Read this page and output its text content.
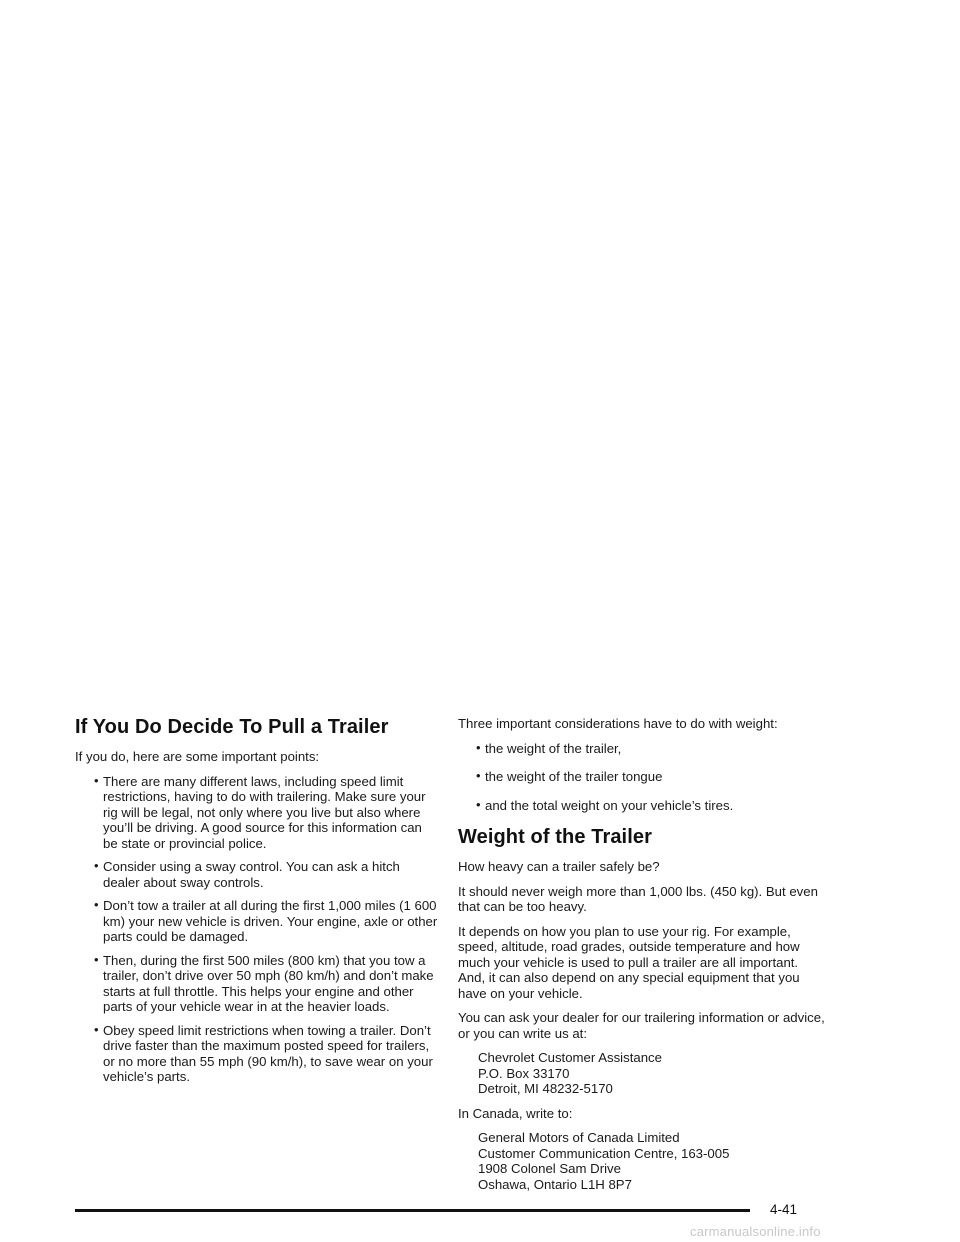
If You Do Decide To Pull a Trailer

If you do, here are some important points:

• There are many different laws, including speed limit restrictions, having to do with trailering. Make sure your rig will be legal, not only where you live but also where you’ll be driving. A good source for this information can be state or provincial police.
• Consider using a sway control. You can ask a hitch dealer about sway controls.
• Don’t tow a trailer at all during the first 1,000 miles (1 600 km) your new vehicle is driven. Your engine, axle or other parts could be damaged.
• Then, during the first 500 miles (800 km) that you tow a trailer, don’t drive over 50 mph (80 km/h) and don’t make starts at full throttle. This helps your engine and other parts of your vehicle wear in at the heavier loads.
• Obey speed limit restrictions when towing a trailer. Don’t drive faster than the maximum posted speed for trailers, or no more than 55 mph (90 km/h), to save wear on your vehicle’s parts.

Three important considerations have to do with weight:

• the weight of the trailer,
• the weight of the trailer tongue
• and the total weight on your vehicle’s tires.
Weight of the Trailer

How heavy can a trailer safely be?

It should never weigh more than 1,000 lbs. (450 kg). But even that can be too heavy.

It depends on how you plan to use your rig. For example, speed, altitude, road grades, outside temperature and how much your vehicle is used to pull a trailer are all important. And, it can also depend on any special equipment that you have on your vehicle.

You can ask your dealer for our trailering information or advice, or you can write us at:

Chevrolet Customer Assistance
P.O. Box 33170
Detroit, MI 48232-5170

In Canada, write to:

General Motors of Canada Limited
Customer Communication Centre, 163-005
1908 Colonel Sam Drive
Oshawa, Ontario L1H 8P7
4-41
carmanualsonline.info
